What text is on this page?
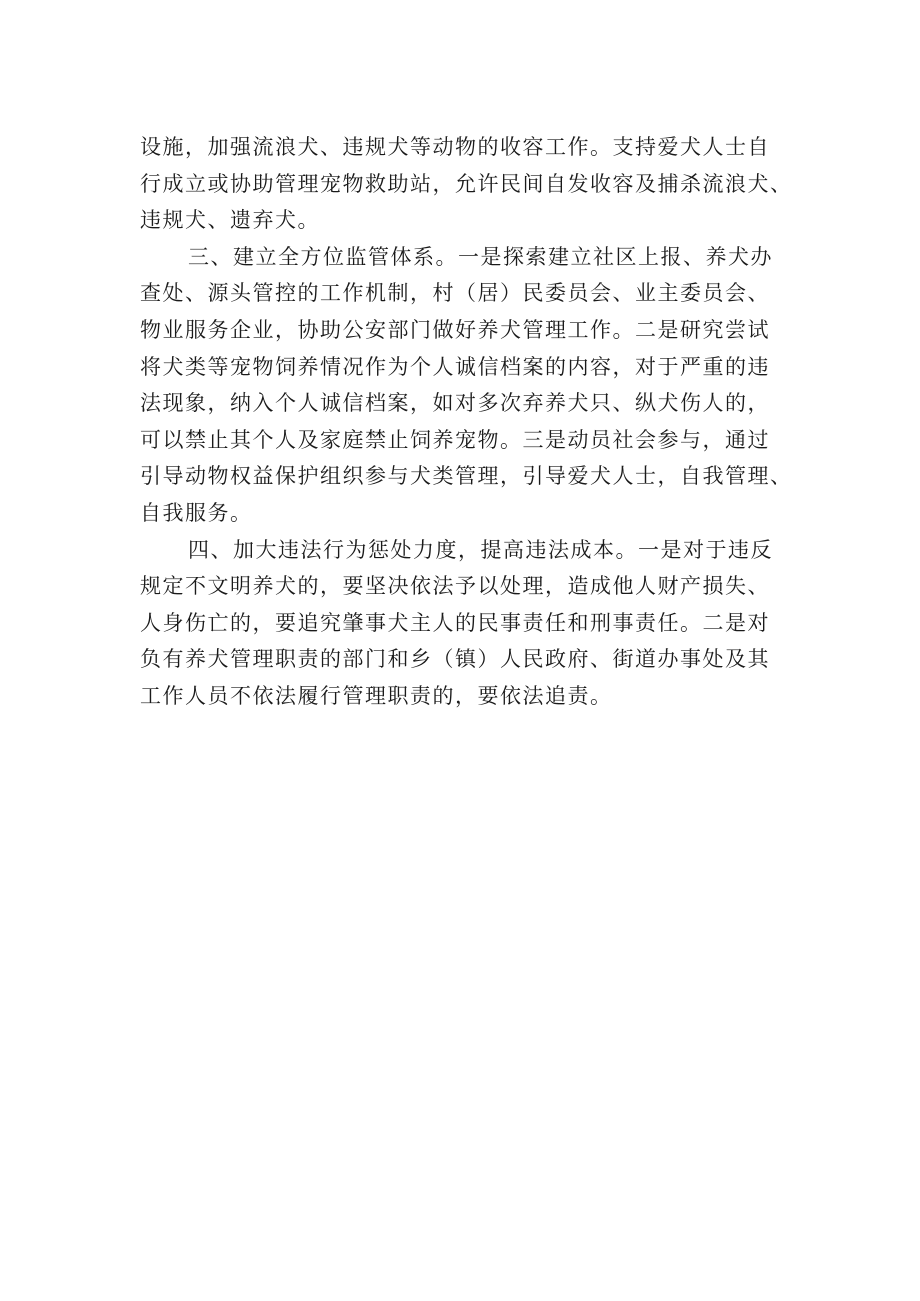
设施，加强流浪犬、违规犬等动物的收容工作。支持爱犬人士自
行成立或协助管理宠物救助站，允许民间自发收容及捕杀流浪犬、
违规犬、遗弃犬。
三、建立全方位监管体系。一是探索建立社区上报、养犬办
查处、源头管控的工作机制，村（居）民委员会、业主委员会、
物业服务企业，协助公安部门做好养犬管理工作。二是研究尝试
将犬类等宠物饲养情况作为个人诚信档案的内容，对于严重的违
法现象，纳入个人诚信档案，如对多次弃养犬只、纵犬伤人的，
可以禁止其个人及家庭禁止饲养宠物。三是动员社会参与，通过
引导动物权益保护组织参与犬类管理，引导爱犬人士，自我管理、
自我服务。
四、加大违法行为惩处力度，提高违法成本。一是对于违反
规定不文明养犬的，要坚决依法予以处理，造成他人财产损失、
人身伤亡的，要追究肇事犬主人的民事责任和刑事责任。二是对
负有养犬管理职责的部门和乡（镇）人民政府、街道办事处及其
工作人员不依法履行管理职责的，要依法追责。
